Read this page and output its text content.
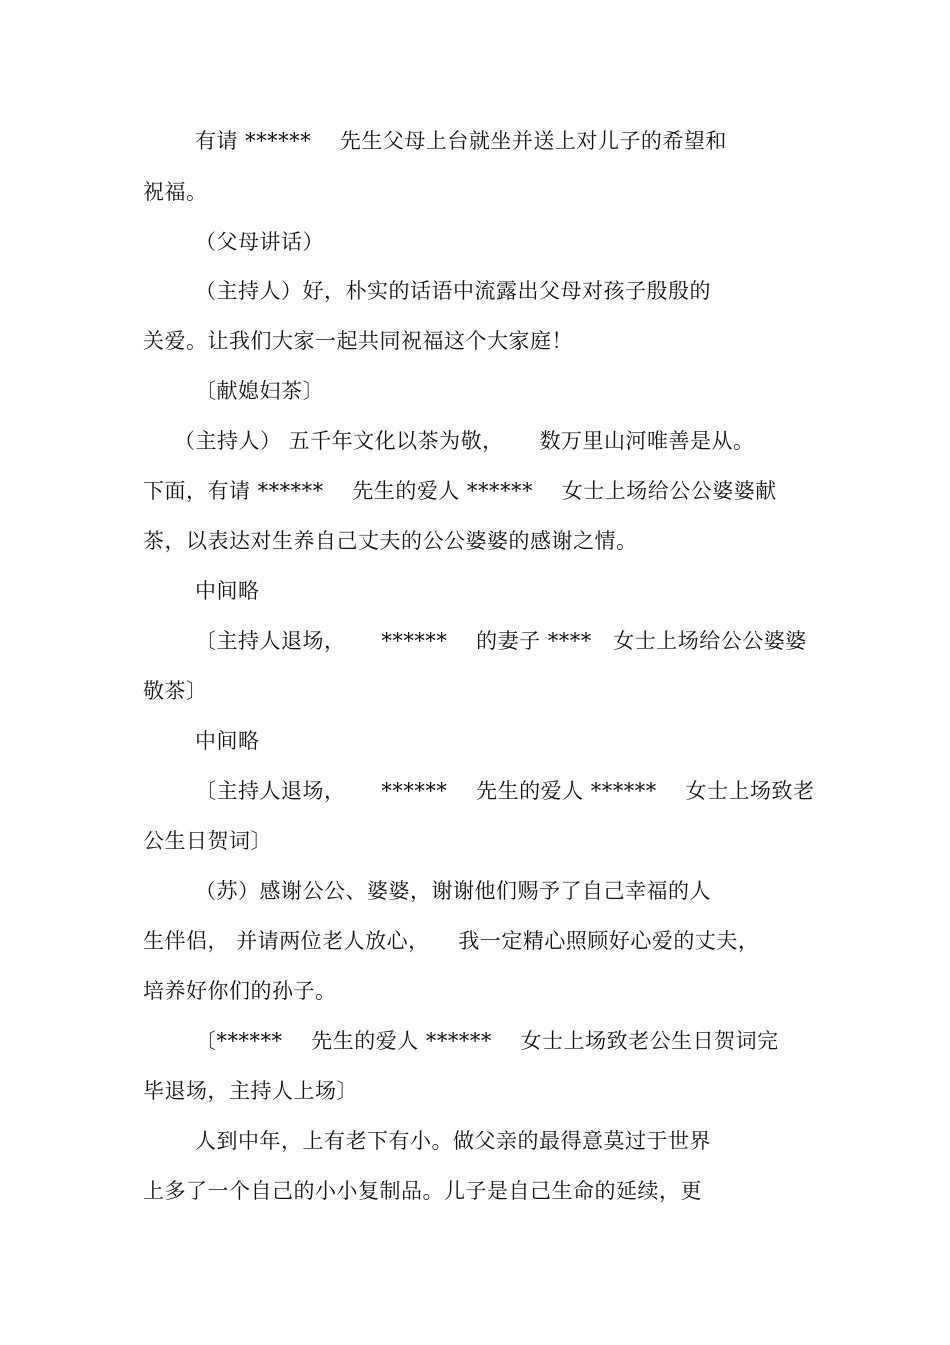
有请 ******    先生父母上台就坐并送上对儿子的希望和
祝福。
（父母讲话）
（主持人）好，朴实的话语中流露出父母对孩子殷殷的
关爱。让我们大家一起共同祝福这个大家庭！
〔献媳妇茶〕
（主持人） 五千年文化以茶为敬，     数万里山河唯善是从。
下面，有请 ******    先生的爱人 ******    女士上场给公公婆婆献
茶，以表达对生养自己丈夫的公公婆婆的感谢之情。
中间略
〔主持人退场，     ******    的妻子 ****   女士上场给公公婆婆
敬茶〕
中间略
〔主持人退场，     ******    先生的爱人 ******    女士上场致老
公生日贺词〕
（苏）感谢公公、婆婆，谢谢他们赐予了自己幸福的人
生伴侣， 并请两位老人放心，    我一定精心照顾好心爱的丈夫，
培养好你们的孙子。
〔******    先生的爱人 ******    女士上场致老公生日贺词完
毕退场，主持人上场〕
人到中年，上有老下有小。做父亲的最得意莫过于世界
上多了一个自己的小小复制品。儿子是自己生命的延续，更
